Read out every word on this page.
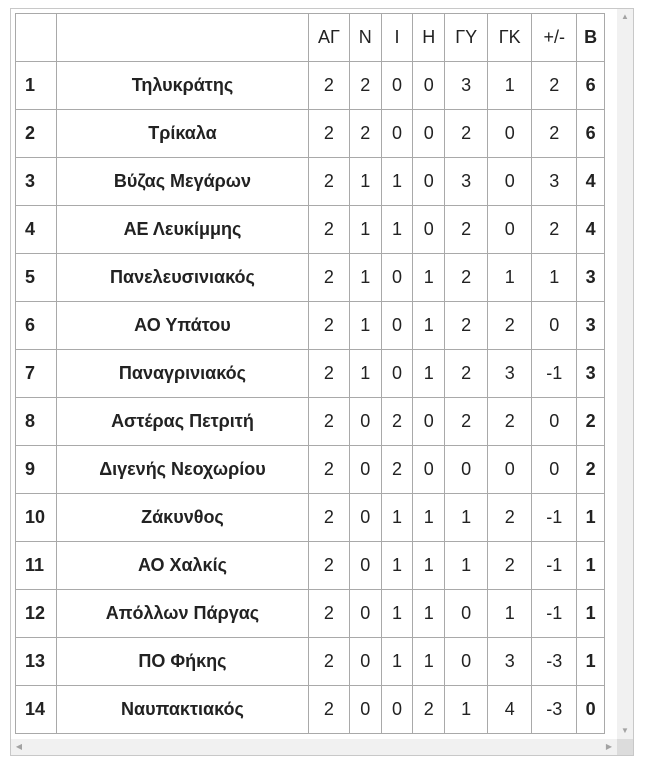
		ΑΓ	Ν	Ι	Η	ΓΥ	ΓΚ	+/-	Β
1	Τηλυκράτης	2	2	0	0	3	1	2	6
2	Τρίκαλα	2	2	0	0	2	0	2	6
3	Βύζας Μεγάρων	2	1	1	0	3	0	3	4
4	ΑΕ Λευκίμμης	2	1	1	0	2	0	2	4
5	Πανελευσινιακός	2	1	0	1	2	1	1	3
6	ΑΟ Υπάτου	2	1	0	1	2	2	0	3
7	Παναγρινιακός	2	1	0	1	2	3	-1	3
8	Αστέρας Πετριτή	2	0	2	0	2	2	0	2
9	Διγενής Νεοχωρίου	2	0	2	0	0	0	0	2
10	Ζάκυνθος	2	0	1	1	1	2	-1	1
11	ΑΟ Χαλκίς	2	0	1	1	1	2	-1	1
12	Απόλλων Πάργας	2	0	1	1	0	1	-1	1
13	ΠΟ Φήκης	2	0	1	1	0	3	-3	1
14	Ναυπακτιακός	2	0	0	2	1	4	-3	0
▲
▼
◀	▶
